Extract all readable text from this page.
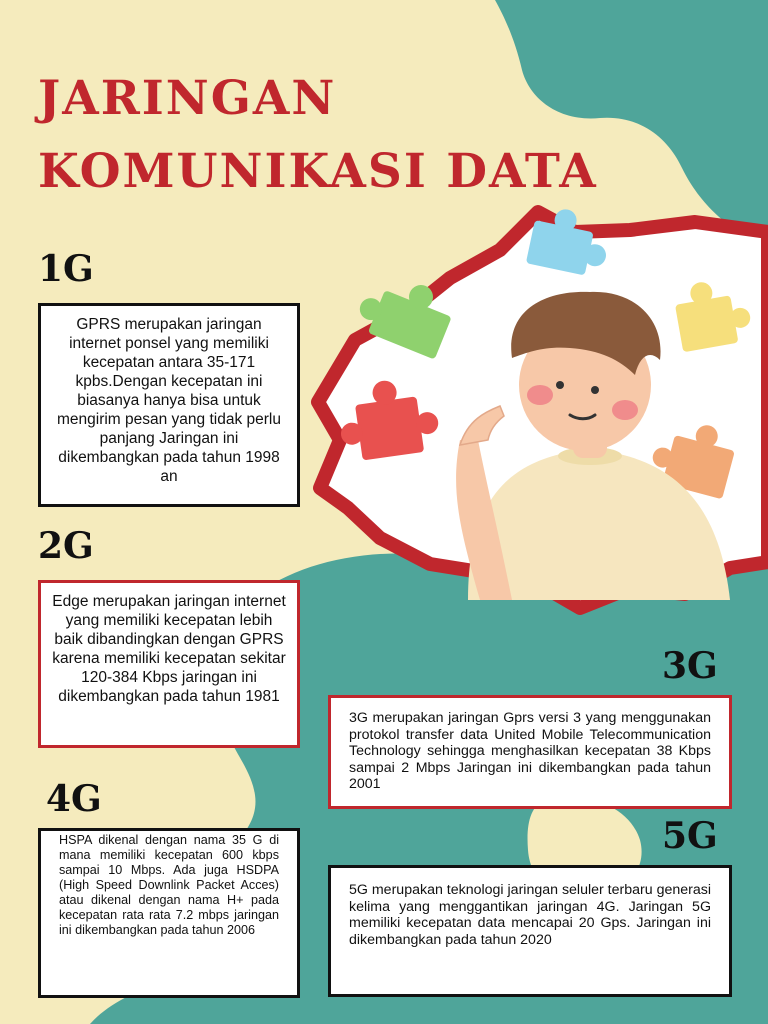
JARINGAN
KOMUNIKASI DATA
1G
GPRS merupakan jaringan internet ponsel yang memiliki kecepatan antara 35-171 kpbs.Dengan kecepatan ini biasanya hanya bisa untuk mengirim pesan yang tidak perlu panjang Jaringan ini dikembangkan pada tahun 1998 an
2G
Edge merupakan jaringan internet yang memiliki kecepatan lebih baik dibandingkan dengan GPRS karena memiliki kecepatan sekitar 120-384 Kbps jaringan ini dikembangkan pada tahun 1981
3G
3G merupakan jaringan Gprs versi 3 yang menggunakan protokol transfer data United Mobile Telecommunication Technology sehingga menghasilkan kecepatan 38 Kbps sampai 2 Mbps Jaringan ini dikembangkan pada tahun 2001
4G
HSPA dikenal dengan nama 35 G di mana memiliki kecepatan 600 kbps sampai 10 Mbps. Ada juga HSDPA (High Speed Downlink Packet Acces) atau dikenal dengan nama H+ pada kecepatan rata rata 7.2 mbps jaringan ini dikembangkan pada tahun 2006
5G
5G merupakan teknologi jaringan seluler terbaru generasi kelima yang menggantikan jaringan 4G. Jaringan 5G memiliki kecepatan data mencapai 20 Gps. Jaringan ini dikembangkan pada tahun 2020
